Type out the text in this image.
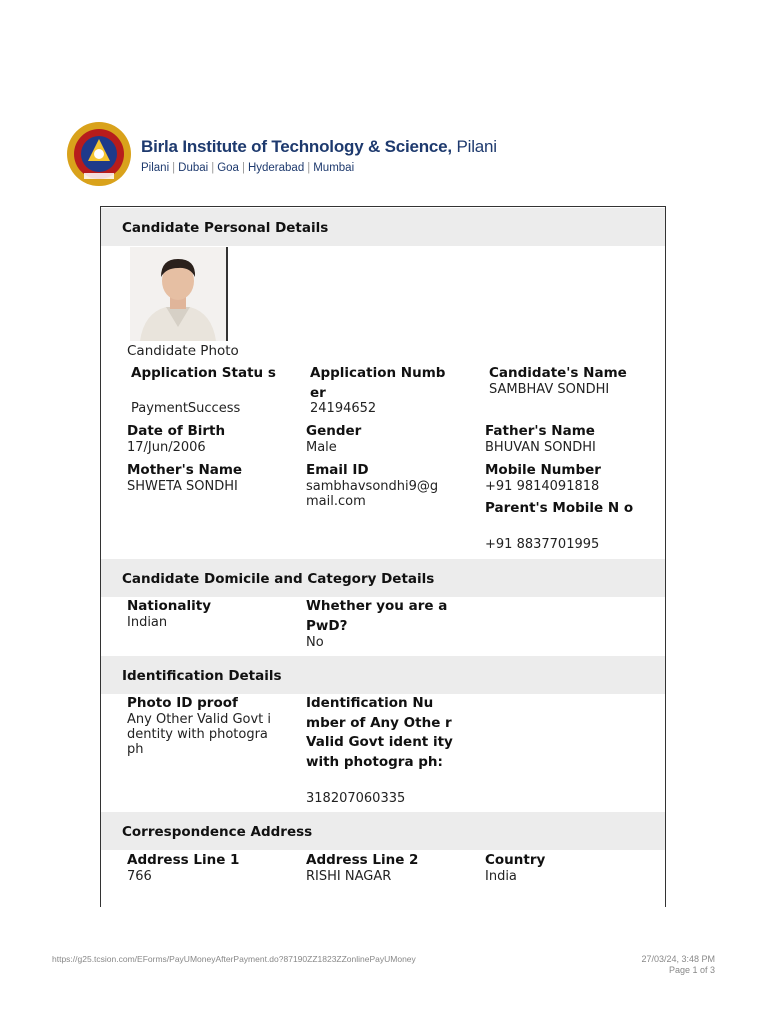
Birla Institute of Technology & Science, Pilani
Pilani | Dubai | Goa | Hyderabad | Mumbai
Candidate Personal Details
Candidate Photo
Application Statu s
PaymentSuccess
Application Numb er
24194652
Candidate's Name
SAMBHAV SONDHI
Date of Birth
17/Jun/2006
Gender
Male
Father's Name
BHUVAN SONDHI
Mother's Name
SHWETA SONDHI
Email ID
sambhavsondhi9@g mail.com
Mobile Number
+91 9814091818
Parent's Mobile N o
+91 8837701995
Candidate Domicile and Category Details
Nationality
Indian
Whether you are a PwD?
No
Identification Details
Photo ID proof
Any Other Valid Govt i dentity with photogra ph
Identification Nu mber of Any Othe r Valid Govt ident ity with photogra ph:
318207060335
Correspondence Address
Address Line 1
766
Address Line 2
RISHI NAGAR
Country
India
https://g25.tcsion.com/EForms/PayUMoneyAfterPayment.do?87190ZZ1823ZZonlinePayUMoney	27/03/24, 3:48 PM
Page 1 of 3
